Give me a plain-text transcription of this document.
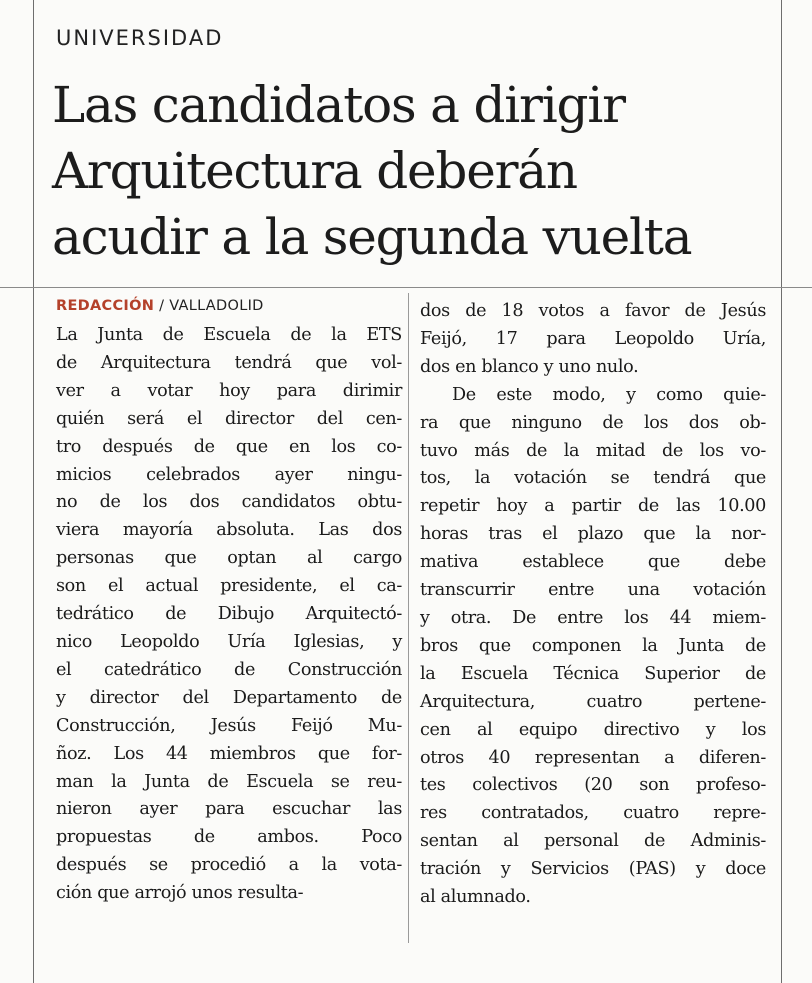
UNIVERSIDAD
Las candidatos a dirigir
Arquitectura deberán
acudir a la segunda vuelta
REDACCIÓN / VALLADOLID
La Junta de Escuela de la ETS
de Arquitectura tendrá que vol-
ver a votar hoy para dirimir
quién será el director del cen-
tro después de que en los co-
micios celebrados ayer ningu-
no de los dos candidatos obtu-
viera mayoría absoluta. Las dos
personas que optan al cargo
son el actual presidente, el ca-
tedrático de Dibujo Arquitectó-
nico Leopoldo Uría Iglesias, y
el catedrático de Construcción
y director del Departamento de
Construcción, Jesús Feijó Mu-
ñoz. Los 44 miembros que for-
man la Junta de Escuela se reu-
nieron ayer para escuchar las
propuestas de ambos. Poco
después se procedió a la vota-
ción que arrojó unos resulta-
dos de 18 votos a favor de Jesús
Feijó, 17 para Leopoldo Uría,
dos en blanco y uno nulo.
De este modo, y como quie-
ra que ninguno de los dos ob-
tuvo más de la mitad de los vo-
tos, la votación se tendrá que
repetir hoy a partir de las 10.00
horas tras el plazo que la nor-
mativa establece que debe
transcurrir entre una votación
y otra. De entre los 44 miem-
bros que componen la Junta de
la Escuela Técnica Superior de
Arquitectura, cuatro pertene-
cen al equipo directivo y los
otros 40 representan a diferen-
tes colectivos (20 son profeso-
res contratados, cuatro repre-
sentan al personal de Adminis-
tración y Servicios (PAS) y doce
al alumnado.
